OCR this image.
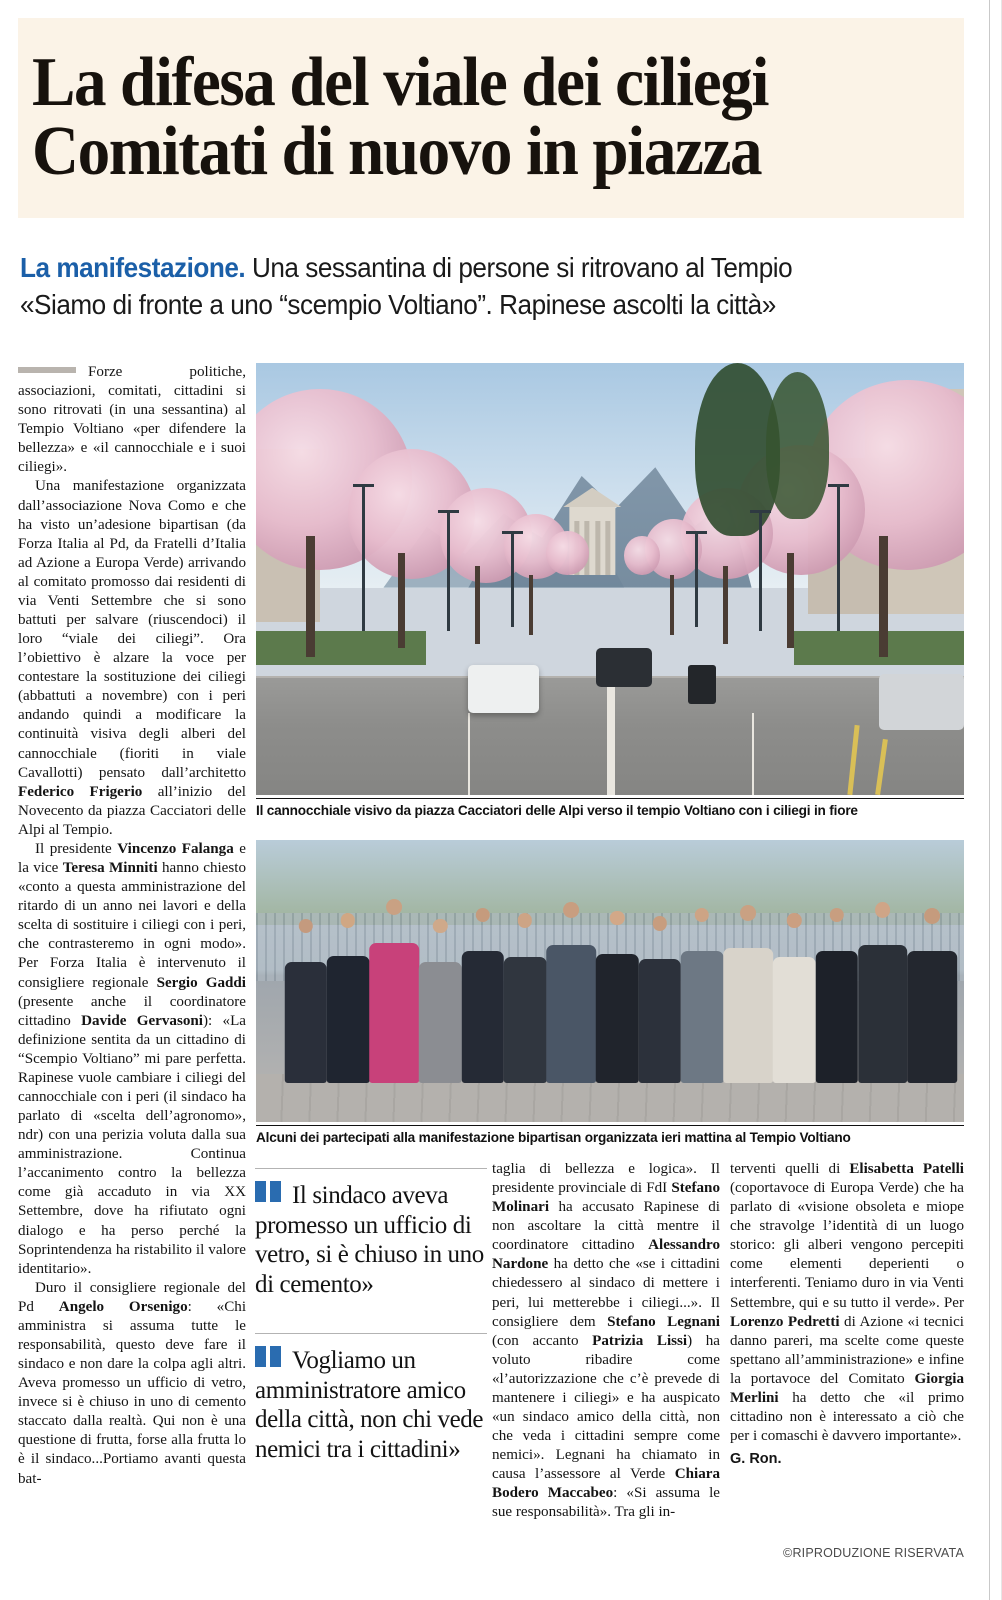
La difesa del viale dei ciliegi
Comitati di nuovo in piazza
La manifestazione. Una sessantina di persone si ritrovano al Tempio
«Siamo di fronte a uno “scempio Voltiano”. Rapinese ascolti la città»

Forze politiche, associazioni, comitati, cittadini si sono ritrovati (in una sessantina) al Tempio Voltiano «per difendere la bellezza» e «il cannocchiale e i suoi ciliegi».

Una manifestazione organizzata dall’associazione Nova Como e che ha visto un’adesione bipartisan (da Forza Italia al Pd, da Fratelli d’Italia ad Azione a Europa Verde) arrivando al comitato promosso dai residenti di via Venti Settembre che si sono battuti per salvare (riuscendoci) il loro “viale dei ciliegi”. Ora l’obiettivo è alzare la voce per contestare la sostituzione dei ciliegi (abbattuti a novembre) con i peri andando quindi a modificare la continuità visiva degli alberi del cannocchiale (fioriti in viale Cavallotti) pensato dall’architetto Federico Frigerio all’inizio del Novecento da piazza Cacciatori delle Alpi al Tempio.

Il presidente Vincenzo Falanga e la vice Teresa Minniti hanno chiesto «conto a questa amministrazione del ritardo di un anno nei lavori e della scelta di sostituire i ciliegi con i peri, che contrasteremo in ogni modo». Per Forza Italia è intervenuto il consigliere regionale Sergio Gaddi (presente anche il coordinatore cittadino Davide Gervasoni): «La definizione sentita da un cittadino di “Scempio Voltiano” mi pare perfetta. Rapinese vuole cambiare i ciliegi del cannocchiale con i peri (il sindaco ha parlato di «scelta dell’agronomo», ndr) con una perizia voluta dalla sua amministrazione. Continua l’accanimento contro la bellezza come già accaduto in via XX Settembre, dove ha rifiutato ogni dialogo e ha perso perché la Soprintendenza ha ristabilito il valore identitario».

Duro il consigliere regionale del Pd Angelo Orsenigo: «Chi amministra si assuma tutte le responsabilità, questo deve fare il sindaco e non dare la colpa agli altri. Aveva promesso un ufficio di vetro, invece si è chiuso in uno di cemento staccato dalla realtà. Qui non è una questione di frutta, forse alla frutta lo è il sindaco...Portiamo avanti questa bat-

Il cannocchiale visivo da piazza Cacciatori delle Alpi verso il tempio Voltiano con i ciliegi in fiore
Alcuni dei partecipati alla manifestazione bipartisan organizzata ieri mattina al Tempio Voltiano
Il sindaco aveva promesso un ufficio di vetro, si è chiuso in uno di cemento»
Vogliamo un amministratore amico della città, non chi vede nemici tra i cittadini»

taglia di bellezza e logica». Il presidente provinciale di FdI Stefano Molinari ha accusato Rapinese di non ascoltare la città mentre il coordinatore cittadino Alessandro Nardone ha detto che «se i cittadini chiedessero al sindaco di mettere i peri, lui metterebbe i ciliegi...». Il consigliere dem Stefano Legnani (con accanto Patrizia Lissi) ha voluto ribadire come «l’autorizzazione che c’è prevede di mantenere i ciliegi» e ha auspicato «un sindaco amico della città, non che veda i cittadini sempre come nemici». Legnani ha chiamato in causa l’assessore al Verde Chiara Bodero Maccabeo: «Si assuma le sue responsabilità». Tra gli in-

terventi quelli di Elisabetta Patelli (coportavoce di Europa Verde) che ha parlato di «visione obsoleta e miope che stravolge l’identità di un luogo storico: gli alberi vengono percepiti come elementi deperienti o interferenti. Teniamo duro in via Venti Settembre, qui e su tutto il verde». Per Lorenzo Pedretti di Azione «i tecnici danno pareri, ma scelte come queste spettano all’amministrazione» e infine la portavoce del Comitato Giorgia Merlini ha detto che «il primo cittadino non è interessato a ciò che per i comaschi è davvero importante».

G. Ron.
©RIPRODUZIONE RISERVATA
